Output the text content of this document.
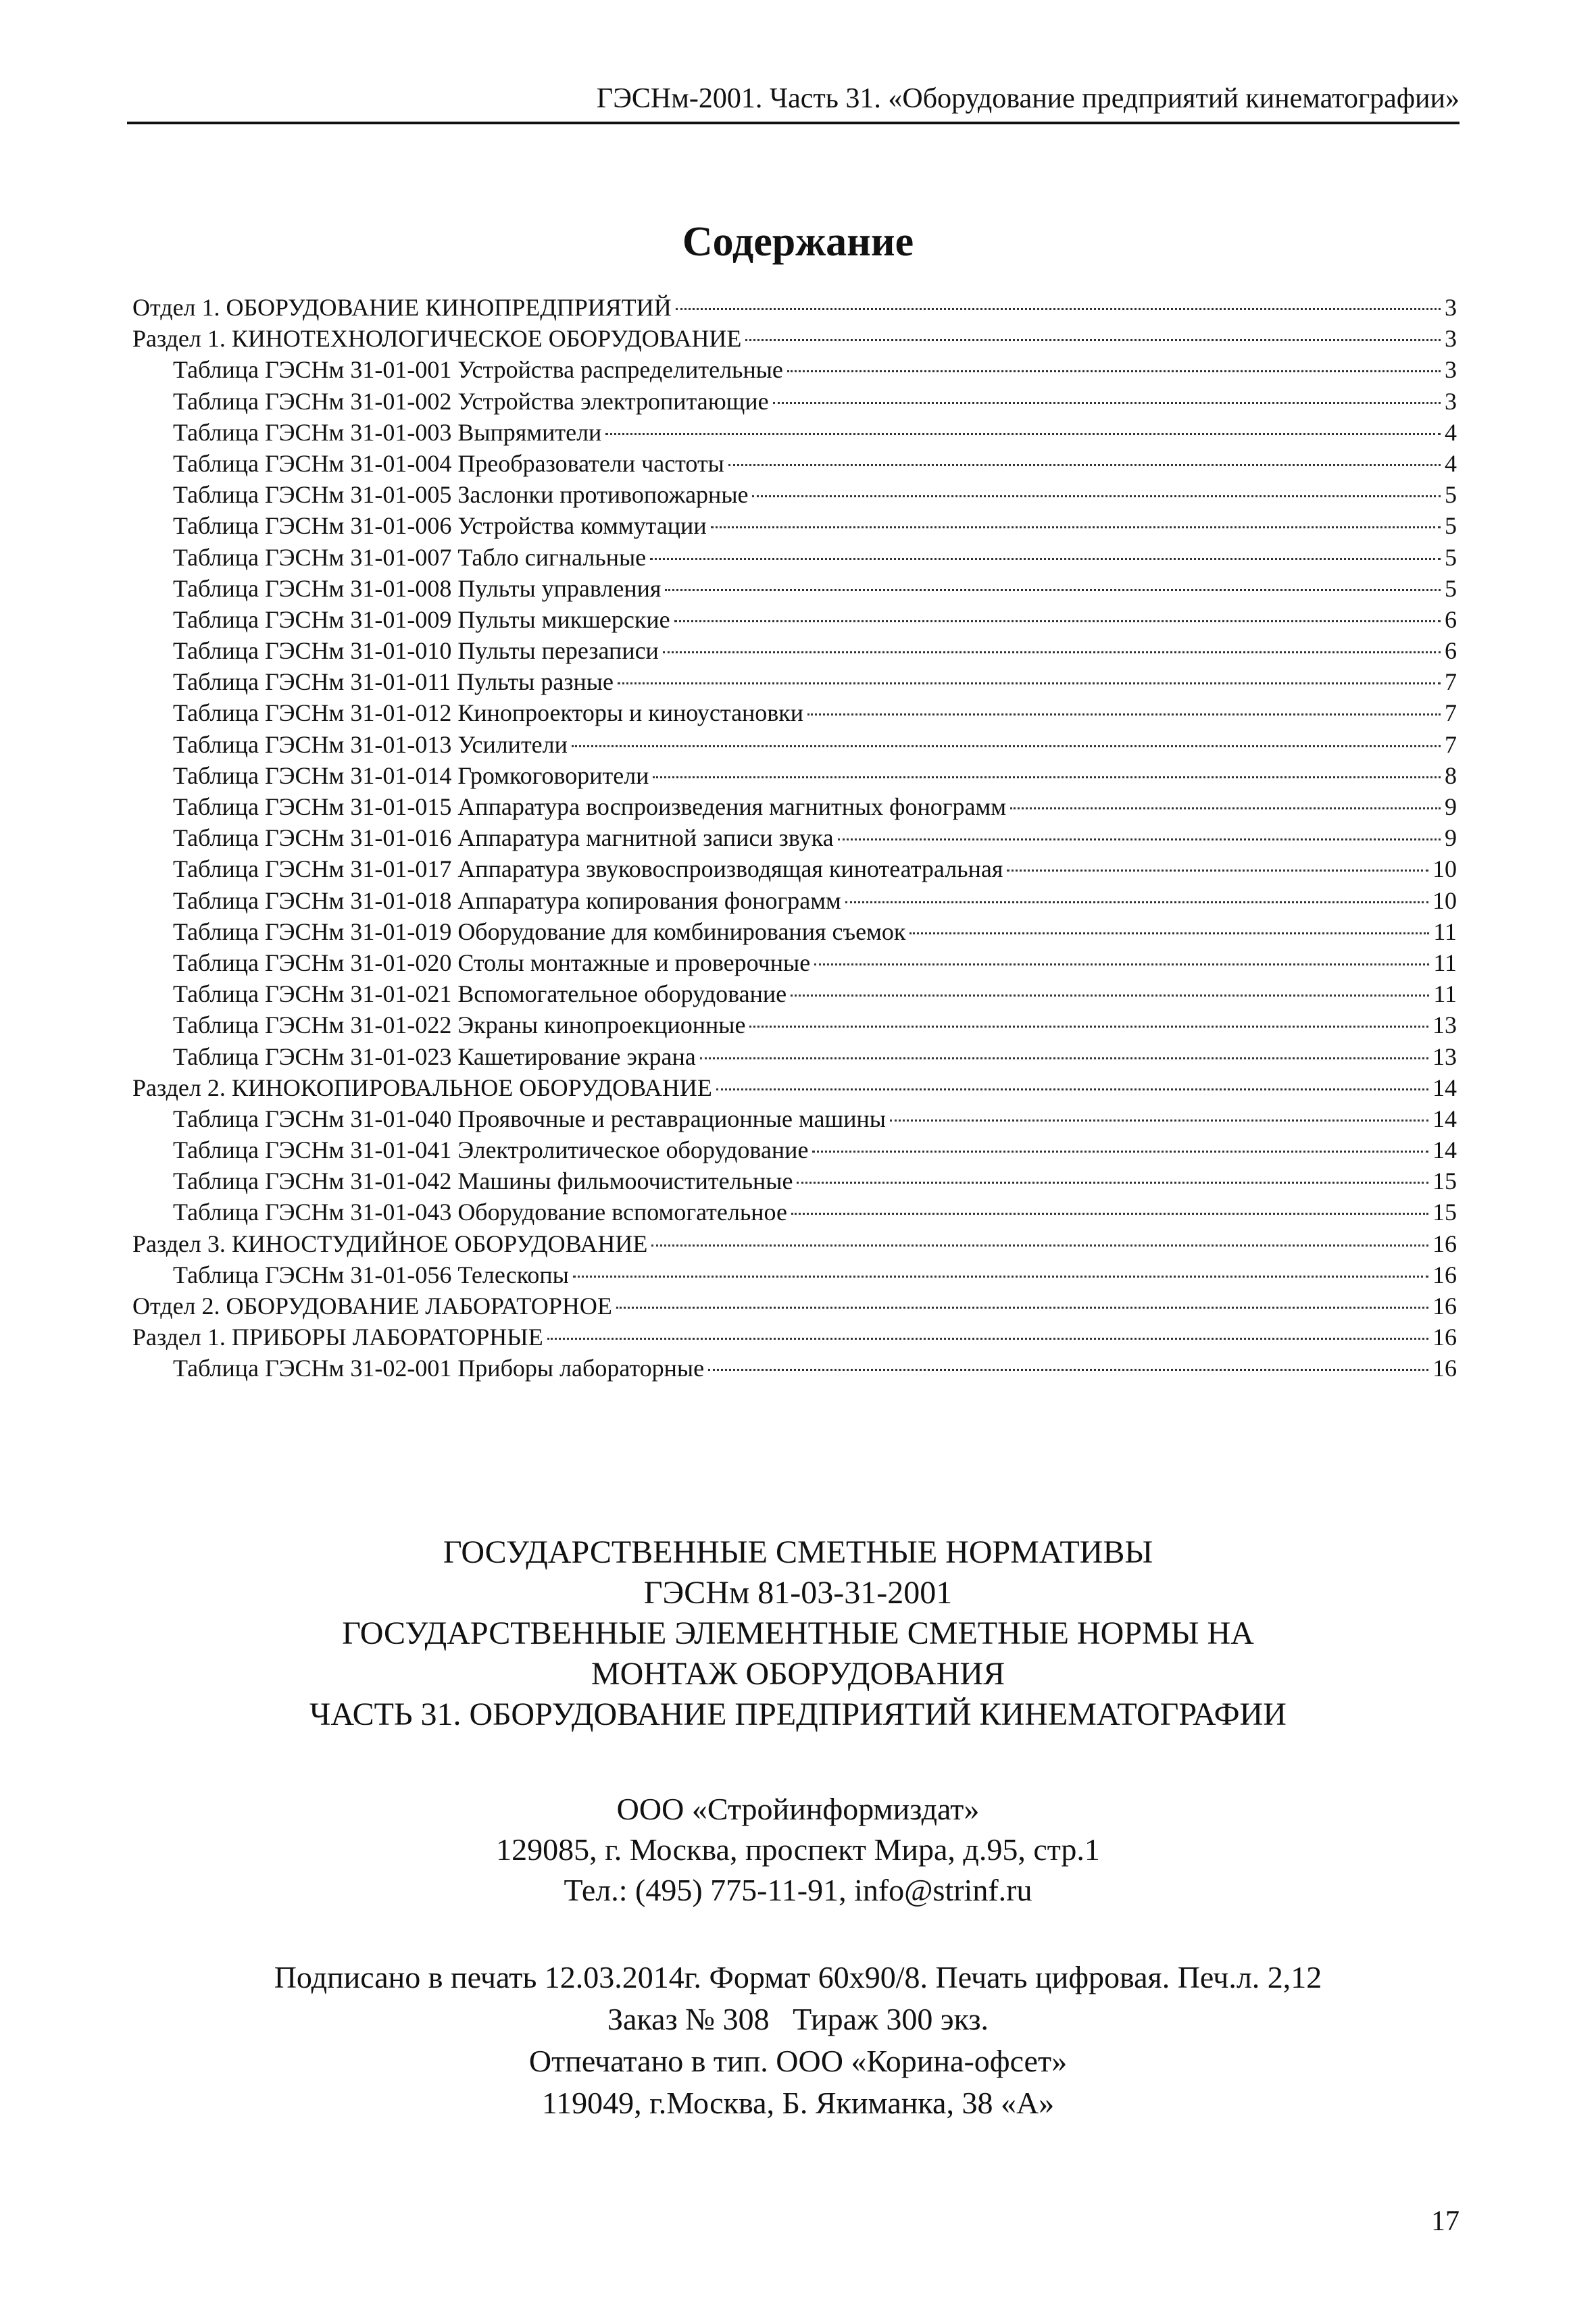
ГЭСНм-2001. Часть 31. «Оборудование предприятий кинематографии»
Содержание
Отдел 1. ОБОРУДОВАНИЕ КИНОПРЕДПРИЯТИЙ	3
Раздел 1. КИНОТЕХНОЛОГИЧЕСКОЕ ОБОРУДОВАНИЕ	3
Таблица ГЭСНм 31-01-001 Устройства распределительные	3
Таблица ГЭСНм 31-01-002 Устройства электропитающие	3
Таблица ГЭСНм 31-01-003 Выпрямители	4
Таблица ГЭСНм 31-01-004 Преобразователи частоты	4
Таблица ГЭСНм 31-01-005 Заслонки противопожарные	5
Таблица ГЭСНм 31-01-006 Устройства коммутации	5
Таблица ГЭСНм 31-01-007 Табло сигнальные	5
Таблица ГЭСНм 31-01-008 Пульты управления	5
Таблица ГЭСНм 31-01-009 Пульты микшерские	6
Таблица ГЭСНм 31-01-010 Пульты перезаписи	6
Таблица ГЭСНм 31-01-011 Пульты разные	7
Таблица ГЭСНм 31-01-012 Кинопроекторы и киноустановки	7
Таблица ГЭСНм 31-01-013 Усилители	7
Таблица ГЭСНм 31-01-014 Громкоговорители	8
Таблица ГЭСНм 31-01-015 Аппаратура воспроизведения магнитных фонограмм	9
Таблица ГЭСНм 31-01-016 Аппаратура магнитной записи звука	9
Таблица ГЭСНм 31-01-017 Аппаратура звуковоспроизводящая кинотеатральная	10
Таблица ГЭСНм 31-01-018 Аппаратура копирования фонограмм	10
Таблица ГЭСНм 31-01-019 Оборудование для комбинирования съемок	11
Таблица ГЭСНм 31-01-020 Столы монтажные и проверочные	11
Таблица ГЭСНм 31-01-021 Вспомогательное оборудование	11
Таблица ГЭСНм 31-01-022 Экраны кинопроекционные	13
Таблица ГЭСНм 31-01-023 Кашетирование экрана	13
Раздел 2. КИНОКОПИРОВАЛЬНОЕ ОБОРУДОВАНИЕ	14
Таблица ГЭСНм 31-01-040 Проявочные и реставрационные машины	14
Таблица ГЭСНм 31-01-041 Электролитическое оборудование	14
Таблица ГЭСНм 31-01-042 Машины фильмоочистительные	15
Таблица ГЭСНм 31-01-043 Оборудование вспомогательное	15
Раздел 3. КИНОСТУДИЙНОЕ ОБОРУДОВАНИЕ	16
Таблица ГЭСНм 31-01-056 Телескопы	16
Отдел 2. ОБОРУДОВАНИЕ ЛАБОРАТОРНОЕ	16
Раздел 1. ПРИБОРЫ ЛАБОРАТОРНЫЕ	16
Таблица ГЭСНм 31-02-001 Приборы лабораторные	16
ГОСУДАРСТВЕННЫЕ СМЕТНЫЕ НОРМАТИВЫ
ГЭСНм 81-03-31-2001
ГОСУДАРСТВЕННЫЕ ЭЛЕМЕНТНЫЕ СМЕТНЫЕ НОРМЫ НА
МОНТАЖ ОБОРУДОВАНИЯ
ЧАСТЬ 31. ОБОРУДОВАНИЕ ПРЕДПРИЯТИЙ КИНЕМАТОГРАФИИ
ООО «Стройинформиздат»
129085, г. Москва, проспект Мира, д.95, стр.1
Тел.: (495) 775-11-91, info@strinf.ru
Подписано в печать 12.03.2014г. Формат 60х90/8. Печать цифровая. Печ.л. 2,12
Заказ № 308   Тираж 300 экз.
Отпечатано в тип. ООО «Корина-офсет»
119049, г.Москва, Б. Якиманка, 38 «А»
17
